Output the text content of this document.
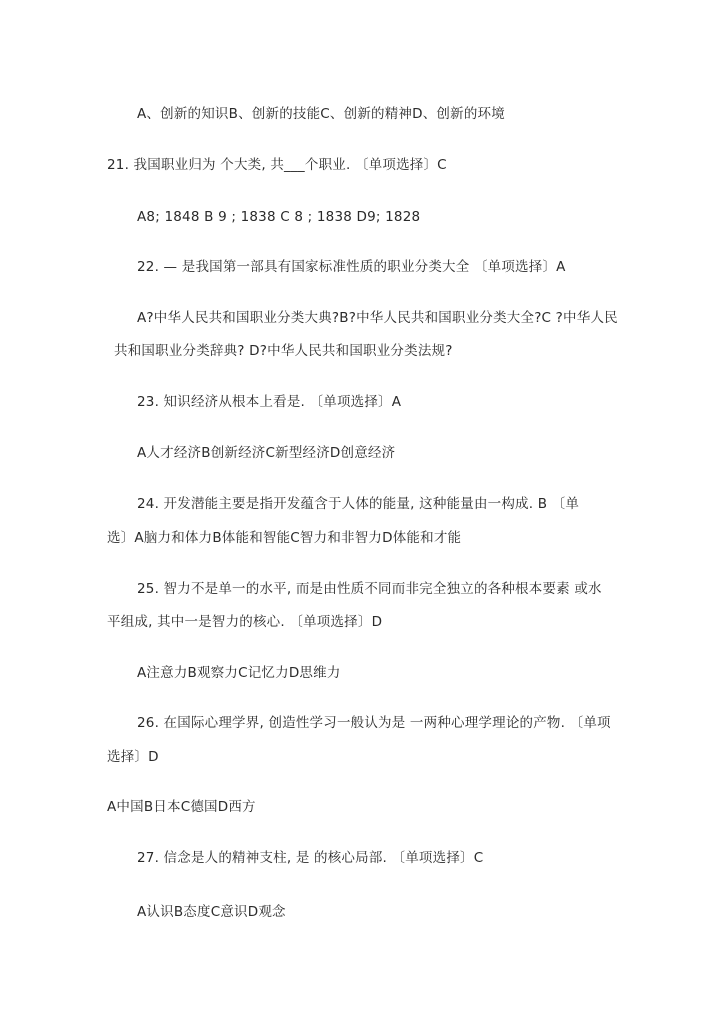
A、创新的知识B、创新的技能C、创新的精神D、创新的环境
21. 我国职业归为 个大类, 共___个职业. 〔单项选择〕C
A8; 1848 B 9 ; 1838 C 8 ; 1838 D9; 1828
22. — 是我国第一部具有国家标准性质的职业分类大全 〔单项选择〕A
A?中华人民共和国职业分类大典?B?中华人民共和国职业分类大全?C ?中华人民
共和国职业分类辞典? D?中华人民共和国职业分类法规?
23. 知识经济从根本上看是. 〔单项选择〕A
A人才经济B创新经济C新型经济D创意经济
24. 开发潜能主要是指开发蕴含于人体的能量, 这种能量由一构成. B 〔单
选〕A脑力和体力B体能和智能C智力和非智力D体能和才能
25. 智力不是单一的水平, 而是由性质不同而非完全独立的各种根本要素 或水
平组成, 其中一是智力的核心. 〔单项选择〕D
A注意力B观察力C记忆力D思维力
26. 在国际心理学界, 创造性学习一般认为是 一两种心理学理论的产物. 〔单项
选择〕D
A中国B日本C德国D西方
27. 信念是人的精神支柱, 是 的核心局部. 〔单项选择〕C
A认识B态度C意识D观念
